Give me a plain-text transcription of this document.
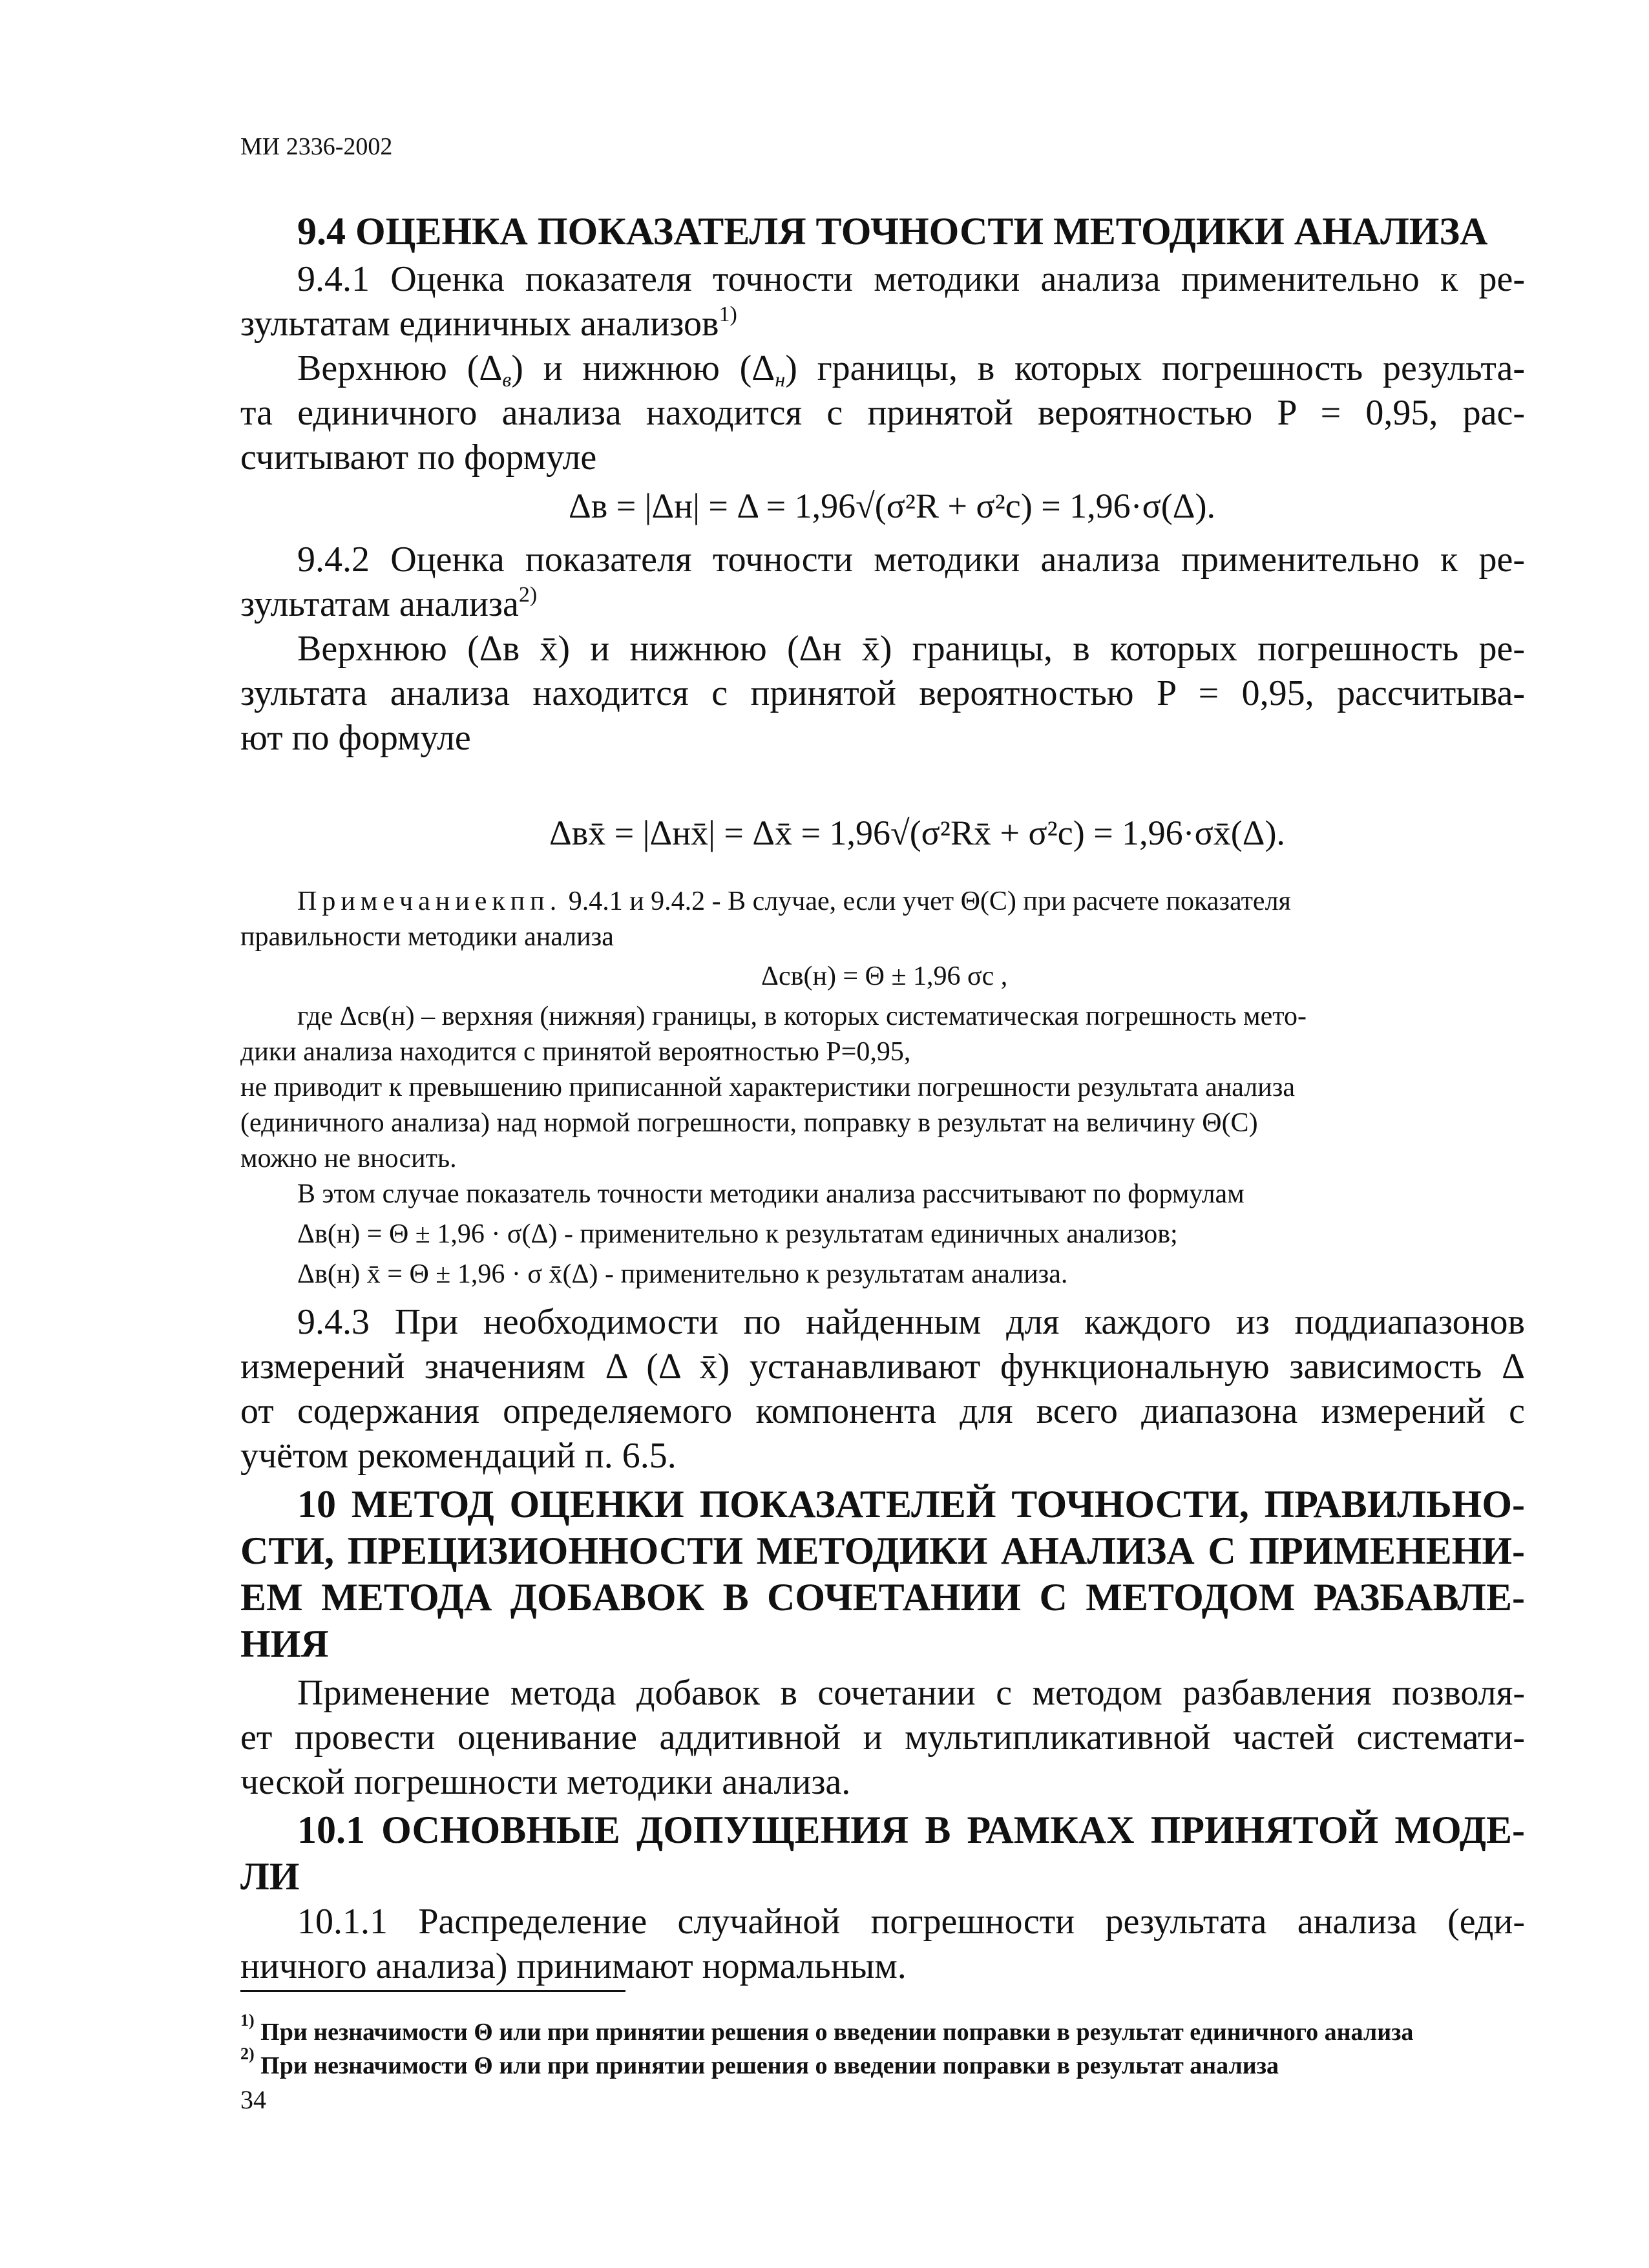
МИ 2336-2002
9.4 ОЦЕНКА ПОКАЗАТЕЛЯ ТОЧНОСТИ МЕТОДИКИ АНАЛИЗА
9.4.1 Оценка показателя точности методики анализа применительно к ре-
зультатам единичных анализов$^{1)}$
Верхнюю $(\Delta_в)$ и нижнюю $(\Delta_н)$ границы, в которых погрешность результа-
та единичного анализа находится с принятой вероятностью P = 0,95, рас-
считывают по формуле
Δв = |Δн| = Δ = 1,96√(σ²R + σ²c) = 1,96·σ(Δ).
9.4.2 Оценка показателя точности методики анализа применительно к ре-
зультатам анализа$^{2)}$
Верхнюю (Δв x̄) и нижнюю (Δн x̄) границы, в которых погрешность ре-
зультата анализа находится с принятой вероятностью P = 0,95, рассчитыва-
ют по формуле
Δвx̄ = |Δнx̄| = Δx̄ = 1,96√(σ²Rx̄ + σ²c) = 1,96·σx̄(Δ).
Примечаниекпп. 9.4.1 и 9.4.2 - В случае, если учет Θ(C) при расчете показателя
правильности методики анализа
Δсв(н) = Θ ± 1,96 σс ,
где Δсв(н) – верхняя (нижняя) границы, в которых систематическая погрешность мето-
дики анализа находится с принятой вероятностью P=0,95,
не приводит к превышению приписанной характеристики погрешности результата анализа
(единичного анализа) над нормой погрешности, поправку в результат на величину Θ(C)
можно не вносить.
В этом случае показатель точности методики анализа рассчитывают по формулам
Δв(н) = Θ ± 1,96 · σ(Δ) - применительно к результатам единичных анализов;
Δв(н) x̄ = Θ ± 1,96 · σ x̄(Δ) - применительно к результатам анализа.
9.4.3 При необходимости по найденным для каждого из поддиапазонов
измерений значениям Δ (Δ x̄) устанавливают функциональную зависимость Δ
от содержания определяемого компонента для всего диапазона измерений с
учётом рекомендаций п. 6.5.
10 МЕТОД ОЦЕНКИ ПОКАЗАТЕЛЕЙ ТОЧНОСТИ, ПРАВИЛЬНО-
СТИ, ПРЕЦИЗИОННОСТИ МЕТОДИКИ АНАЛИЗА С ПРИМЕНЕНИ-
ЕМ МЕТОДА ДОБАВОК В СОЧЕТАНИИ С МЕТОДОМ РАЗБАВЛЕ-
НИЯ
Применение метода добавок в сочетании с методом разбавления позволя-
ет провести оценивание аддитивной и мультипликативной частей системати-
ческой погрешности методики анализа.
10.1 ОСНОВНЫЕ ДОПУЩЕНИЯ В РАМКАХ ПРИНЯТОЙ МОДЕ-
ЛИ
10.1.1 Распределение случайной погрешности результата анализа (еди-
ничного анализа) принимают нормальным.
$^{1)}$ При незначимости Θ или при принятии решения о введении поправки в результат единичного анализа
$^{2)}$ При незначимости Θ или при принятии решения о введении поправки в результат анализа
34
